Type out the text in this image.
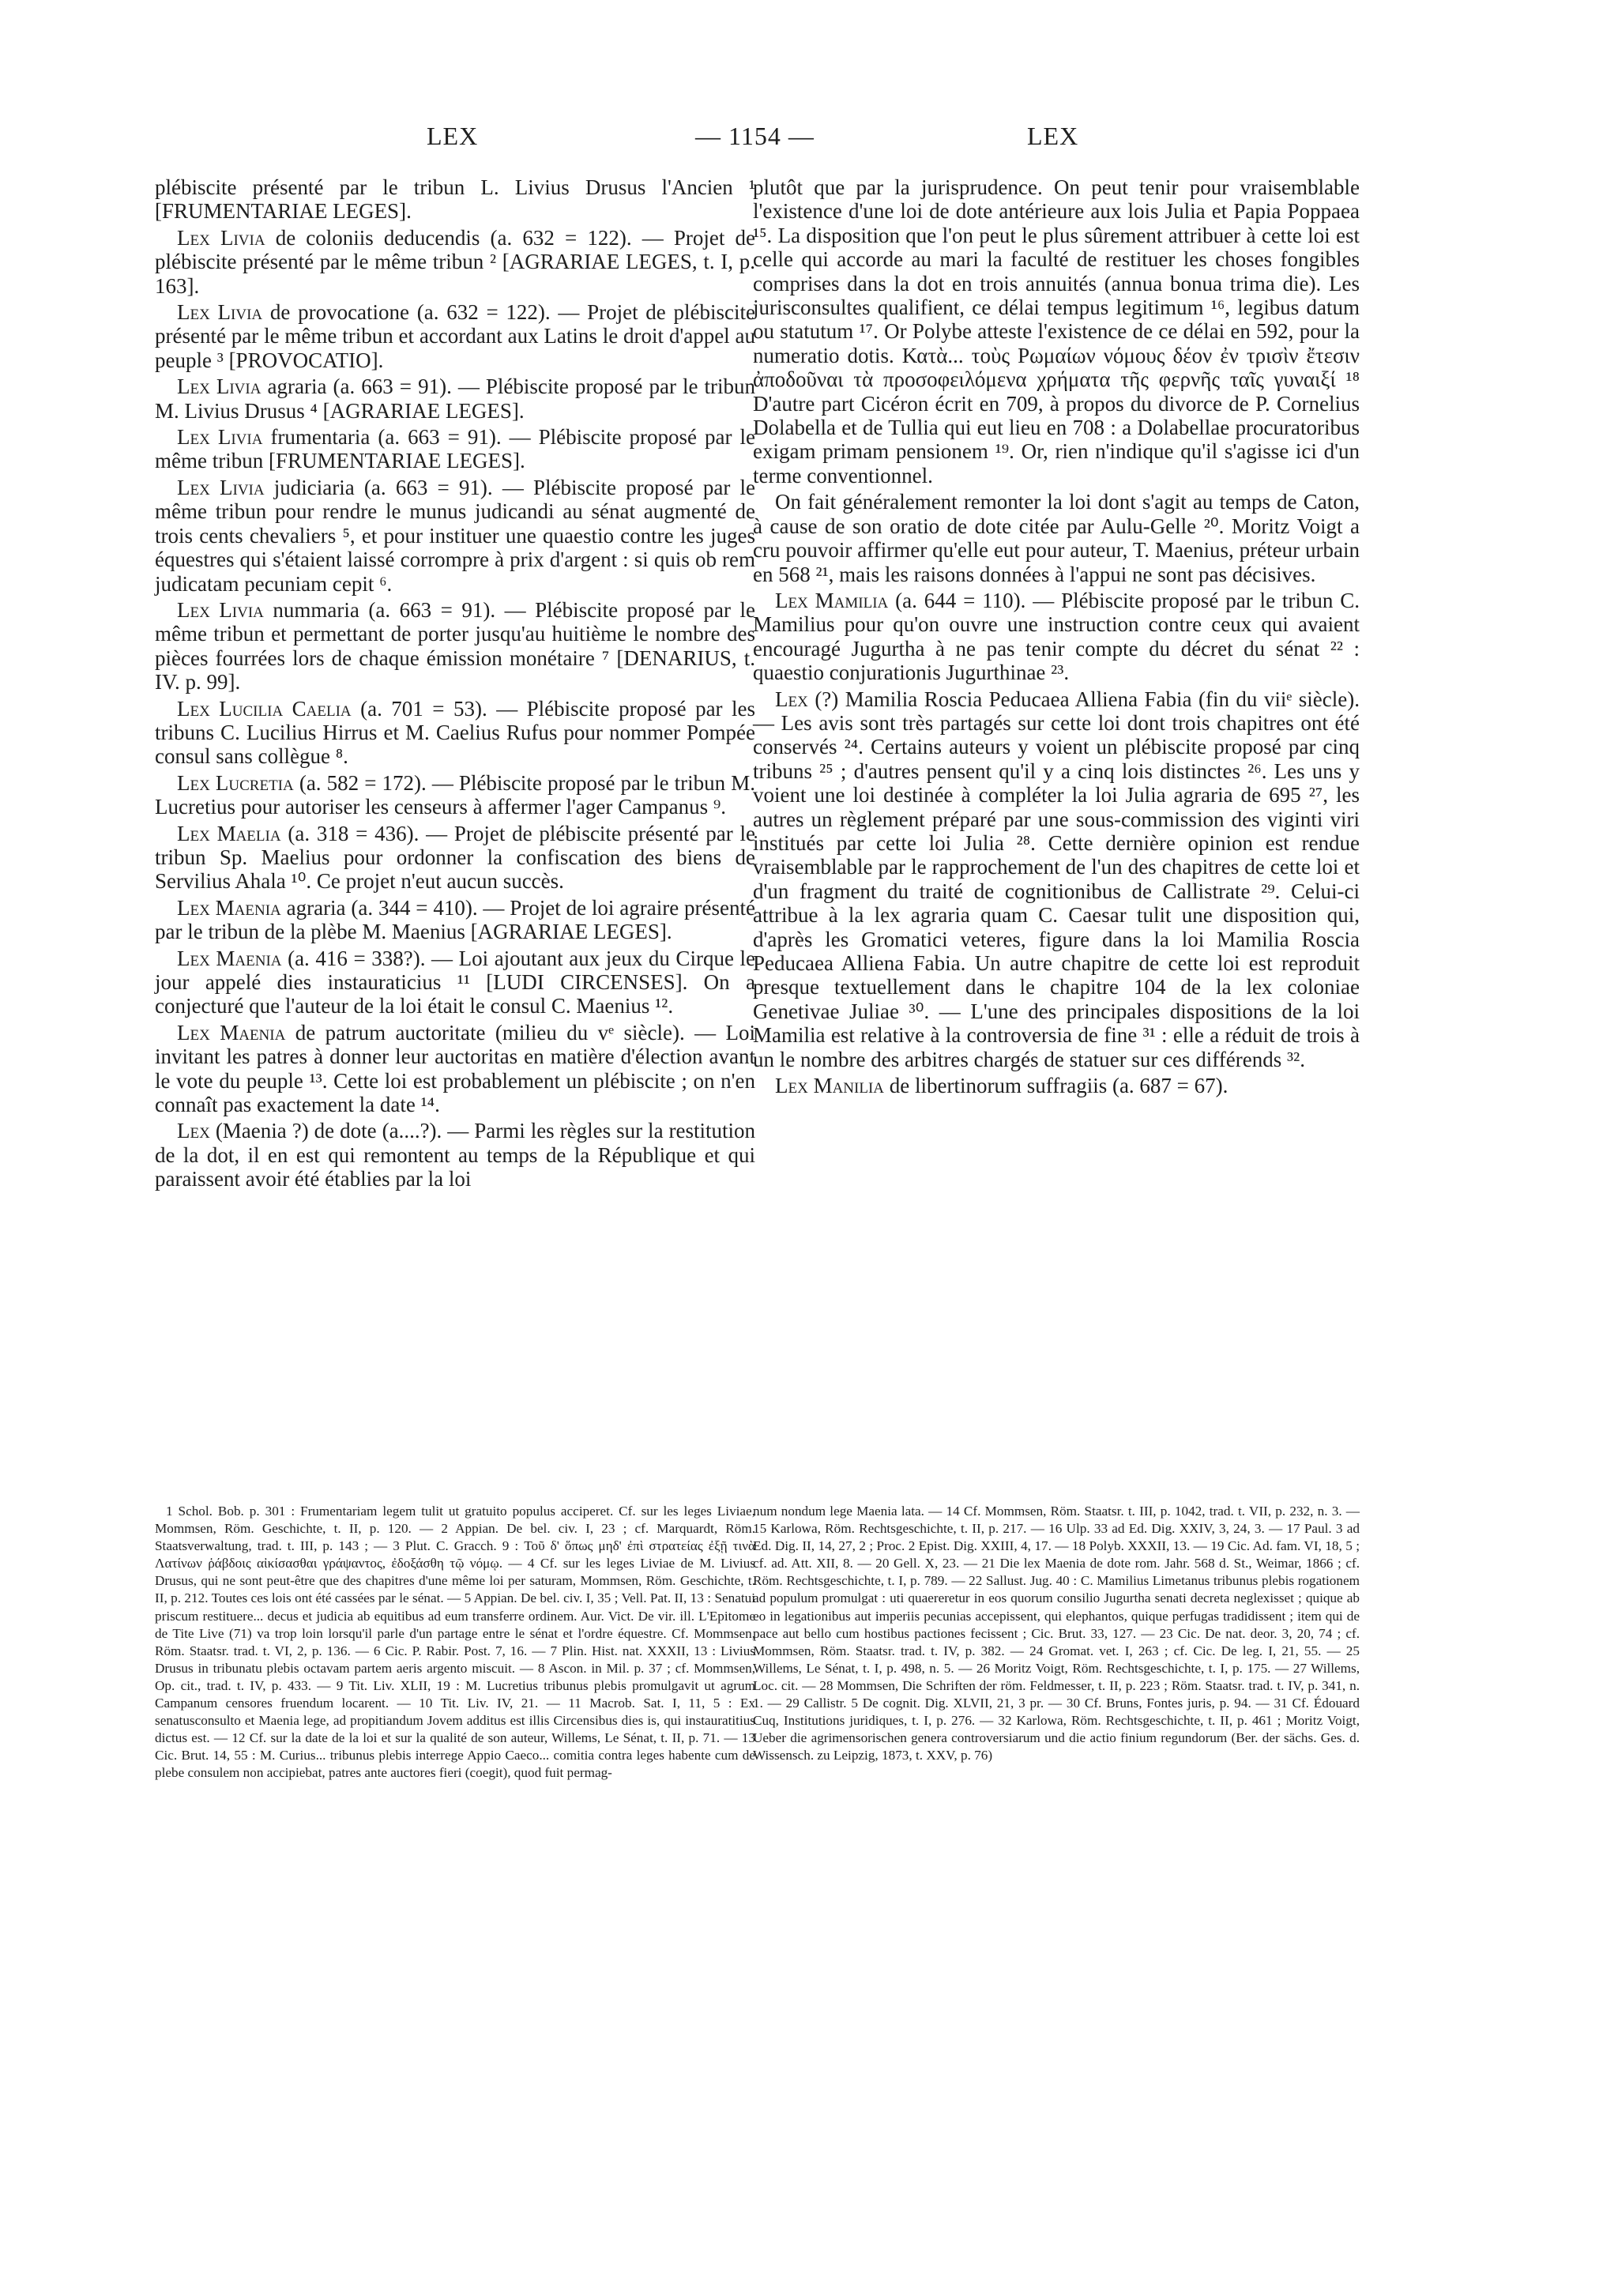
LEX	— 1154 —	LEX

plébiscite présenté par le tribun L. Livius Drusus l'Ancien ¹ [FRUMENTARIAE LEGES].

Lex Livia de coloniis deducendis (a. 632 = 122). — Projet de plébiscite présenté par le même tribun ² [AGRARIAE LEGES, t. I, p. 163].

Lex Livia de provocatione (a. 632 = 122). — Projet de plébiscite présenté par le même tribun et accordant aux Latins le droit d'appel au peuple ³ [PROVOCATIO].

Lex Livia agraria (a. 663 = 91). — Plébiscite proposé par le tribun M. Livius Drusus ⁴ [AGRARIAE LEGES].

Lex Livia frumentaria (a. 663 = 91). — Plébiscite proposé par le même tribun [FRUMENTARIAE LEGES].

Lex Livia judiciaria (a. 663 = 91). — Plébiscite proposé par le même tribun pour rendre le munus judicandi au sénat augmenté de trois cents chevaliers ⁵, et pour instituer une quaestio contre les juges équestres qui s'étaient laissé corrompre à prix d'argent : si quis ob rem judicatam pecuniam cepit ⁶.

Lex Livia nummaria (a. 663 = 91). — Plébiscite proposé par le même tribun et permettant de porter jusqu'au huitième le nombre des pièces fourrées lors de chaque émission monétaire ⁷ [DENARIUS, t. IV. p. 99].

Lex Lucilia Caelia (a. 701 = 53). — Plébiscite proposé par les tribuns C. Lucilius Hirrus et M. Caelius Rufus pour nommer Pompée consul sans collègue ⁸.

Lex Lucretia (a. 582 = 172). — Plébiscite proposé par le tribun M. Lucretius pour autoriser les censeurs à affermer l'ager Campanus ⁹.

Lex Maelia (a. 318 = 436). — Projet de plébiscite présenté par le tribun Sp. Maelius pour ordonner la confiscation des biens de Servilius Ahala ¹⁰. Ce projet n'eut aucun succès.

Lex Maenia agraria (a. 344 = 410). — Projet de loi agraire présenté par le tribun de la plèbe M. Maenius [AGRARIAE LEGES].

Lex Maenia (a. 416 = 338?). — Loi ajoutant aux jeux du Cirque le jour appelé dies instauraticius ¹¹ [LUDI CIRCENSES]. On a conjecturé que l'auteur de la loi était le consul C. Maenius ¹².

Lex Maenia de patrum auctoritate (milieu du vᵉ siècle). — Loi invitant les patres à donner leur auctoritas en matière d'élection avant le vote du peuple ¹³. Cette loi est probablement un plébiscite ; on n'en connaît pas exactement la date ¹⁴.

Lex (Maenia ?) de dote (a....?). — Parmi les règles sur la restitution de la dot, il en est qui remontent au temps de la République et qui paraissent avoir été établies par la loi

plutôt que par la jurisprudence. On peut tenir pour vraisemblable l'existence d'une loi de dote antérieure aux lois Julia et Papia Poppaea ¹⁵. La disposition que l'on peut le plus sûrement attribuer à cette loi est celle qui accorde au mari la faculté de restituer les choses fongibles comprises dans la dot en trois annuités (annua bonua trima die). Les jurisconsultes qualifient, ce délai tempus legitimum ¹⁶, legibus datum ou statutum ¹⁷. Or Polybe atteste l'existence de ce délai en 592, pour la numeratio dotis. Κατὰ... τοὺς Ρωμαίων νόμους δέον ἐν τρισὶν ἔτεσιν ἀποδοῦναι τὰ προσοφειλόμενα χρήματα τῆς φερνῆς ταῖς γυναιξί ¹⁸ D'autre part Cicéron écrit en 709, à propos du divorce de P. Cornelius Dolabella et de Tullia qui eut lieu en 708 : a Dolabellae procuratoribus exigam primam pensionem ¹⁹. Or, rien n'indique qu'il s'agisse ici d'un terme conventionnel.

On fait généralement remonter la loi dont s'agit au temps de Caton, à cause de son oratio de dote citée par Aulu-Gelle ²⁰. Moritz Voigt a cru pouvoir affirmer qu'elle eut pour auteur, T. Maenius, préteur urbain en 568 ²¹, mais les raisons données à l'appui ne sont pas décisives.

Lex Mamilia (a. 644 = 110). — Plébiscite proposé par le tribun C. Mamilius pour qu'on ouvre une instruction contre ceux qui avaient encouragé Jugurtha à ne pas tenir compte du décret du sénat ²² : quaestio conjurationis Jugurthinae ²³.

Lex (?) Mamilia Roscia Peducaea Alliena Fabia (fin du viiᵉ siècle). — Les avis sont très partagés sur cette loi dont trois chapitres ont été conservés ²⁴. Certains auteurs y voient un plébiscite proposé par cinq tribuns ²⁵ ; d'autres pensent qu'il y a cinq lois distinctes ²⁶. Les uns y voient une loi destinée à compléter la loi Julia agraria de 695 ²⁷, les autres un règlement préparé par une sous-commission des viginti viri institués par cette loi Julia ²⁸. Cette dernière opinion est rendue vraisemblable par le rapprochement de l'un des chapitres de cette loi et d'un fragment du traité de cognitionibus de Callistrate ²⁹. Celui-ci attribue à la lex agraria quam C. Caesar tulit une disposition qui, d'après les Gromatici veteres, figure dans la loi Mamilia Roscia Peducaea Alliena Fabia. Un autre chapitre de cette loi est reproduit presque textuellement dans le chapitre 104 de la lex coloniae Genetivae Juliae ³⁰. — L'une des principales dispositions de la loi Mamilia est relative à la controversia de fine ³¹ : elle a réduit de trois à un le nombre des arbitres chargés de statuer sur ces différends ³².

Lex Manilia de libertinorum suffragiis (a. 687 = 67).

1 Schol. Bob. p. 301 : Frumentariam legem tulit ut gratuito populus acciperet. Cf. sur les leges Liviae, Mommsen, Röm. Geschichte, t. II, p. 120. — 2 Appian. De bel. civ. I, 23 ; cf. Marquardt, Röm. Staatsverwaltung, trad. t. III, p. 143 ; — 3 Plut. C. Gracch. 9 : Τοῦ δ' ὅπως μηδ' ἐπὶ στρατείας ἐξῇ τινὰ Λατίνων ῥάβδοις αἰκίσασθαι γράψαντος, ἐδοξάσθη τῷ νόμῳ. — 4 Cf. sur les leges Liviae de M. Livius Drusus, qui ne sont peut-être que des chapitres d'une même loi per saturam, Mommsen, Röm. Geschichte, t. II, p. 212. Toutes ces lois ont été cassées par le sénat. — 5 Appian. De bel. civ. I, 35 ; Vell. Pat. II, 13 : Senatui priscum restituere... decus et judicia ab equitibus ad eum transferre ordinem. Aur. Vict. De vir. ill. L'Epitome de Tite Live (71) va trop loin lorsqu'il parle d'un partage entre le sénat et l'ordre équestre. Cf. Mommsen, Röm. Staatsr. trad. t. VI, 2, p. 136. — 6 Cic. P. Rabir. Post. 7, 16. — 7 Plin. Hist. nat. XXXII, 13 : Livius Drusus in tribunatu plebis octavam partem aeris argento miscuit. — 8 Ascon. in Mil. p. 37 ; cf. Mommsen, Op. cit., trad. t. IV, p. 433. — 9 Tit. Liv. XLII, 19 : M. Lucretius tribunus plebis promulgavit ut agrum Campanum censores fruendum locarent. — 10 Tit. Liv. IV, 21. — 11 Macrob. Sat. I, 11, 5 : Ex senatusconsulto et Maenia lege, ad propitiandum Jovem additus est illis Circensibus dies is, qui instauratitius dictus est. — 12 Cf. sur la date de la loi et sur la qualité de son auteur, Willems, Le Sénat, t. II, p. 71. — 13 Cic. Brut. 14, 55 : M. Curius... tribunus plebis interrege Appio Caeco... comitia contra leges habente cum de plebe consulem non accipiebat, patres ante auctores fieri (coegit), quod fuit permag-

num nondum lege Maenia lata. — 14 Cf. Mommsen, Röm. Staatsr. t. III, p. 1042, trad. t. VII, p. 232, n. 3. — 15 Karlowa, Röm. Rechtsgeschichte, t. II, p. 217. — 16 Ulp. 33 ad Ed. Dig. XXIV, 3, 24, 3. — 17 Paul. 3 ad Ed. Dig. II, 14, 27, 2 ; Proc. 2 Epist. Dig. XXIII, 4, 17. — 18 Polyb. XXXII, 13. — 19 Cic. Ad. fam. VI, 18, 5 ; cf. ad. Att. XII, 8. — 20 Gell. X, 23. — 21 Die lex Maenia de dote rom. Jahr. 568 d. St., Weimar, 1866 ; cf. Röm. Rechtsgeschichte, t. I, p. 789. — 22 Sallust. Jug. 40 : C. Mamilius Limetanus tribunus plebis rogationem ad populum promulgat : uti quaereretur in eos quorum consilio Jugurtha senati decreta neglexisset ; quique ab eo in legationibus aut imperiis pecunias accepissent, qui elephantos, quique perfugas tradidissent ; item qui de pace aut bello cum hostibus pactiones fecissent ; Cic. Brut. 33, 127. — 23 Cic. De nat. deor. 3, 20, 74 ; cf. Mommsen, Röm. Staatsr. trad. t. IV, p. 382. — 24 Gromat. vet. I, 263 ; cf. Cic. De leg. I, 21, 55. — 25 Willems, Le Sénat, t. I, p. 498, n. 5. — 26 Moritz Voigt, Röm. Rechtsgeschichte, t. I, p. 175. — 27 Willems, Loc. cit. — 28 Mommsen, Die Schriften der röm. Feldmesser, t. II, p. 223 ; Röm. Staatsr. trad. t. IV, p. 341, n. 1. — 29 Callistr. 5 De cognit. Dig. XLVII, 21, 3 pr. — 30 Cf. Bruns, Fontes juris, p. 94. — 31 Cf. Édouard Cuq, Institutions juridiques, t. I, p. 276. — 32 Karlowa, Röm. Rechtsgeschichte, t. II, p. 461 ; Moritz Voigt, Ueber die agrimensorischen genera controversiarum und die actio finium regundorum (Ber. der sächs. Ges. d. Wissensch. zu Leipzig, 1873, t. XXV, p. 76)
